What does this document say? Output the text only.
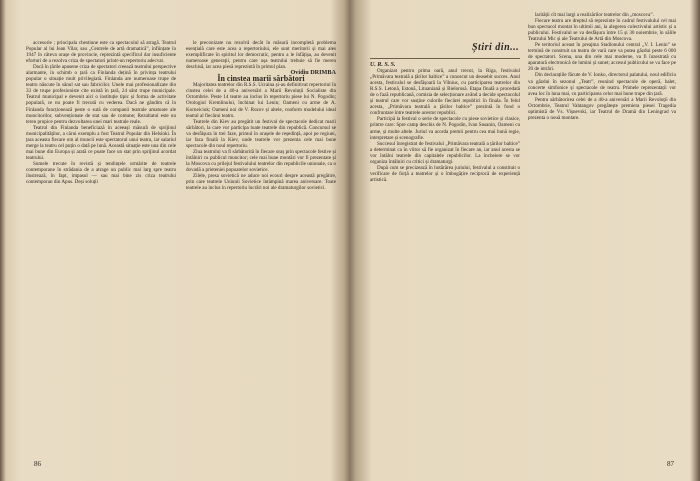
accesorie ; principala chestiune este ca spectacolul să atragă. Teatrul Popular al lui Jean Vilar, sau „Centrele de artă dramatică”, înființate în 1947 în câteva orașe de provincie, reprezintă specificul dar insuficiente eforturi de a rezolva criza de spectatori printr-un repertoriu adecvat.

Dacă în țările apusene criza de spectatori creează teatrului perspective alarmante, în schimb o țară ca Finlanda dețină în privința teatrului popular o situație mult privilegiată. Finlanda are numeroase trupe de teatru născute în sânul sat sau fabricilor. Unele mai profesionalizate din 33 de trupe profesioniste cite există în țară, 24 sânt trupe municipale. Teatrul municipal e devenit aici o instituție tipic și forma de activitate populară, ce nu poate fi trecută cu vederea. Dacă ne gândim că în Finlanda funcționează peste o sută de companii teatrale amatoare ale muncitorilor, subvenționate de stat sau de comune; Rezultatul este un teren propice pentru dezvoltarea unei mari teatrale reale.

Teatrul din Finlanda beneficiază în aceeași măsură de sprijinul municipalităților, a cărui exemplu a fost Teatrul Popular din Helsinki. În țara aceasta fiecare om al muncii este spectatorul unui teatru, iar salariul merge la teatru cel puțin o dată pe lună. Această situație este una din cele mai bune din Europa și arată ce poate face un stat prin sprijinul acordat teatrului.

Sumele trecute în revistă și tendințele urmărite de teatrele contemporane în strădania de a atrage un public mai larg spre teatru ilustrează, în fapt, impasul — sau mai bine zis criza teatrului contemporan din Apus. Deși soluții

le preconizate nu rezolvă decât în măsură incompletă problema esențială care este acea a repertoriului, ele sunt meritorii și mai ales exemplificate în spiritul lor democratic, pentru a le înfățișa, au devenit numeroase generații, pentru care ușa teatrului trebuie să fie mereu deschisă, iar acea piesă reprezintă în primul plan.

Ovidiu DRIMBA

În cinstea marii sărbători

Majoritatea teatrelor din R.S.S. Ucraina și-au definitivat repertoriul în cinstea celei de a 40-a aniversări a Marii Revoluții Socialiste din Octombrie. Peste 14 teatre au inclus în repertoriu piese lui N. Pogodin; Orologiul Kremlinului, închinat lui Lenin; Oameni cu arme de A. Korneiciuk; Oameni noi de V. Rozov și altele, conform modelului ideal teatral al fiecărui teatru.

Teatrele din Kiev au pregătit un festival de spectacole dedicat marii sărbători, la care vor participa toate teatrele din republică. Concursul se va desfășura în trei faze, primul în orașele de reședință, apoi pe regiuni, iar faza finală la Kiev, unde teatrele vor prezenta cele mai bune spectacole din noul repertoriu.

Ziua teatrului va fi sărbătorită în fiecare oraș prin spectacole festive și întâlniri cu publicul muncitor; cele mai bune montări vor fi prezentate și la Moscova cu prilejul festivalului teatrelor din republicile unionale, ca o dovadă a prieteniei popoarelor sovietice.

Zilele, presa sovietică ne aduce noi ecouri despre această pregătire, prin care teatrele Uniunii Sovietice întâmpină marea aniversare. Toate teatrele au inclus în repertoriu lucrări noi ale dramaturgilor sovietici.

86
Știri din...

U. R. S. S.

Organizat pentru prima oară, anul trecut, la Riga, festivalul „Primăvara teatrală a țărilor baltice” a cunoscut un deosebit succes. Anul acesta, festivalul se desfășoară la Vilnius, cu participarea teatrelor din R.S.S. Letonă, Estonă, Lituaniană și Bielorusă. Etapa finală a procedată de o fază republicană, comisia de selecționare având a decide spectacolul și teatrul care vor susține culorile fiecărei republici în finala. În felul acesta, „Primăvara teatrală a țărilor baltice” prezintă în fond o confruntare între teatrele acestor republici.

Participă la festival o serie de spectacole cu piese sovietice și clasice, printre care: Spre camp deschis de N. Pogodin, Ivan Susanin, Oameni cu arme, și multe altele. Juriul va acorda premii pentru cea mai bună regie, interpretare și scenografie.

Succesul înregistrat de festivalul „Primăvara teatrală a țărilor baltice” a determinat ca în viitor să fie organizat în fiecare an, iar anul acesta se vor întâlni teatrele din capitalele republicilor. La încheiere se vor organiza întâlniri cu critici și dramaturgi.

După cum se precizează în hotărârea juriului, festivalul a constituit o verificare de forță a teatrelor și o îmbogățire reciprocă de experiență artistică.

larității cît mai largi a realizărilor teatrelor din „moscova”.

Fiecare teatru are dreptul să reprezinte în cadrul festivalului cel mai bun spectacol montat în ultimii ani, la alegerea colectivului artistic și a publicului. Festivalul se va desfășura între 15 și 30 noiembrie, în sălile Teatrului Mic și ale Teatrului de Artă din Moscova.

Pe teritoriul aceast în preajma Stadionului central „V. I. Lenin” se termină de construit un teatru de vară care va putea găzdui peste 6 000 de spectatori. Scena, una din cele mai moderne, va fi înzestrată cu aparatură electronică de lumini și sunet; accesul publicului se va face pe 20 de intrări.

Din declarațiile făcute de V. Ionko, directorul palatului, noul edificiu va găzdui în sezonul „Teatr”, reunind spectacole de operă, balet, concerte simfonice și spectacole de teatru. Primele reprezentații vor avea loc în luna mai, cu participarea celor mai bune trupe din țară.

Pentru sărbătorirea celei de a 40-a aniversări a Marii Revoluții din Octombrie, Teatrul Vahtangov pregătește premiera piesei Tragedia optimistă de Vs. Vișnevski, iar Teatrul de Dramă din Leningrad va prezenta o nouă montare.

87
